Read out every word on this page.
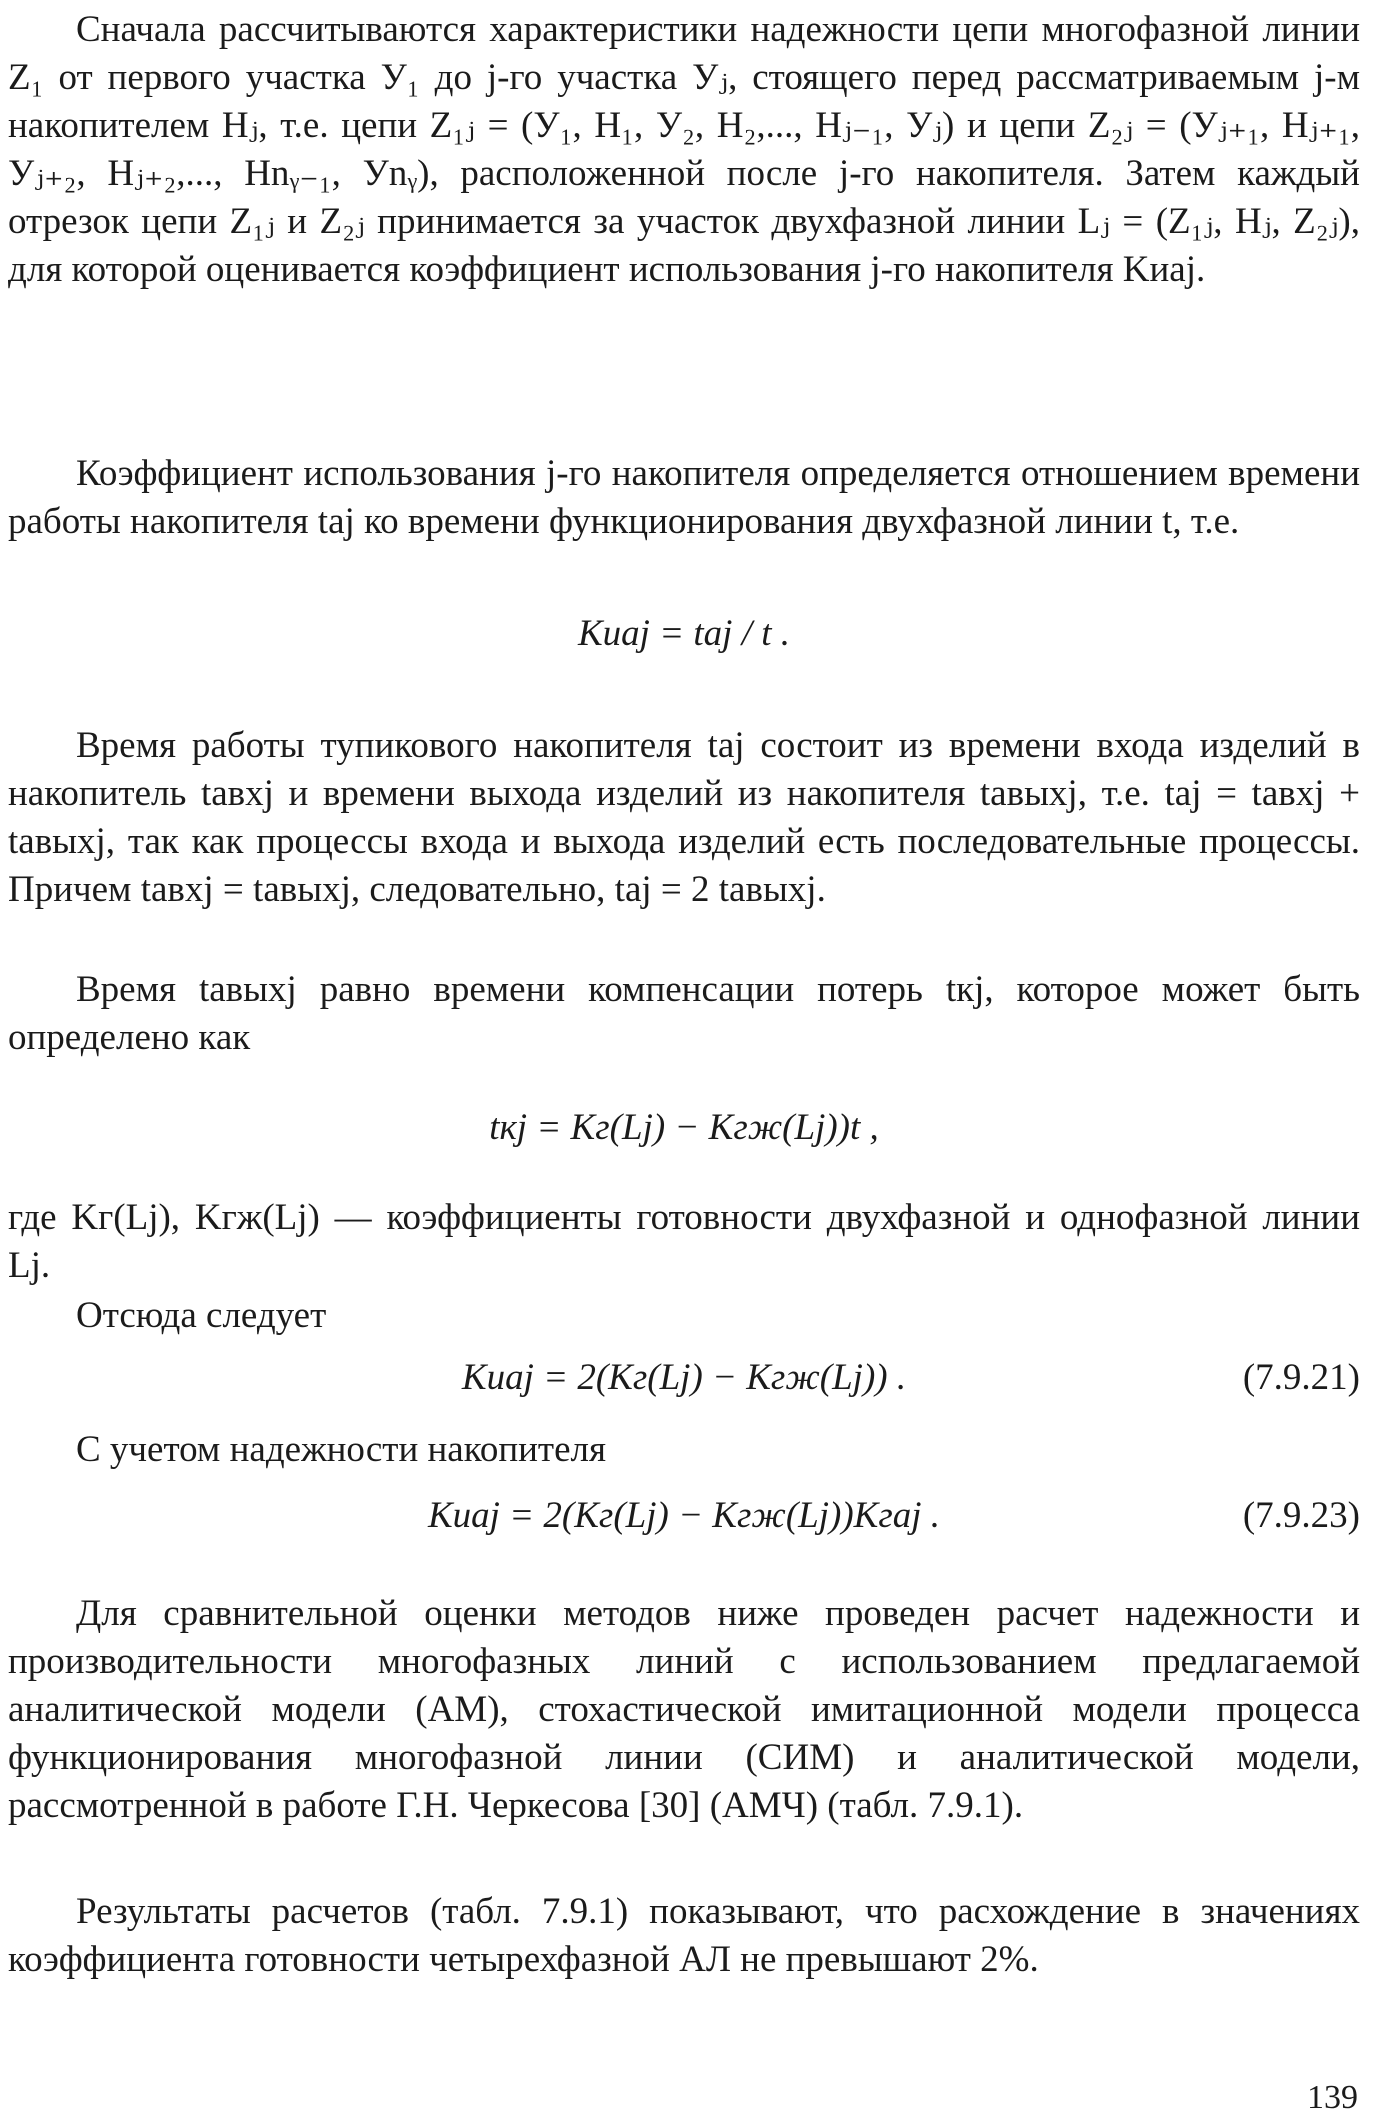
Сначала рассчитываются характеристики надежности цепи многофазной линии Z₁ от первого участка У₁ до j-го участка Уⱼ, стоящего перед рассматриваемым j-м накопителем Hⱼ, т.е. цепи Z₁ⱼ = (У₁, H₁, У₂, H₂,..., Hⱼ₋₁, Уⱼ) и цепи Z₂ⱼ = (Уⱼ₊₁, Hⱼ₊₁, Уⱼ₊₂, Hⱼ₊₂,..., Hnᵧ₋₁, Уnᵧ), расположенной после j-го накопителя. Затем каждый отрезок цепи Z₁ⱼ и Z₂ⱼ принимается за участок двухфазной линии Lⱼ = (Z₁ⱼ, Hⱼ, Z₂ⱼ), для которой оценивается коэффициент использования j-го накопителя Kиaj.

Коэффициент использования j-го накопителя определяется отношением времени работы накопителя taj ко времени функционирования двухфазной линии t, т.е.

Kиaj = taj / t .

Время работы тупикового накопителя taj состоит из времени входа изделий в накопитель tавхj и времени выхода изделий из накопителя tавыхj, т.е. taj = tавхj + tавыхj, так как процессы входа и выхода изделий есть последовательные процессы. Причем tавхj = tавыхj, следовательно, taj = 2 tавыхj.

Время tавыхj равно времени компенсации потерь tкj, которое может быть определено как

tкj = Kг(Lj) − Kгж(Lj))t ,

где Kг(Lj), Kгж(Lj) — коэффициенты готовности двухфазной и однофазной линии Lj.

Отсюда следует

Kиaj = 2(Kг(Lj) − Kгж(Lj)) .	(7.9.21)

С учетом надежности накопителя

Kиaj = 2(Kг(Lj) − Kгж(Lj))Kгaj .	(7.9.23)

Для сравнительной оценки методов ниже проведен расчет надежности и производительности многофазных линий с использованием предлагаемой аналитической модели (АМ), стохастической имитационной модели процесса функционирования многофазной линии (СИМ) и аналитической модели, рассмотренной в работе Г.Н. Черкесова [30] (АМЧ) (табл. 7.9.1).

Результаты расчетов (табл. 7.9.1) показывают, что расхождение в значениях коэффициента готовности четырехфазной АЛ не превышают 2%.

139
